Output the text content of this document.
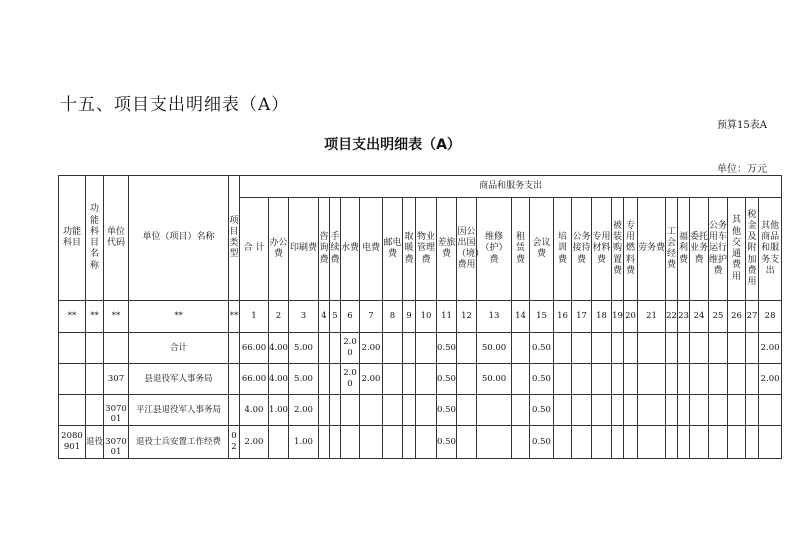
十五、项目支出明细表（A）
预算15表A
项目支出明细表（A）
单位：万元
功能科目	功能科目名称	单位代码	单位（项目）名称	项目类型	商品和服务支出																											
					合 计	办公费	印刷费	咨询费	手续费	水费	电费	邮电费	取暖费	物业管理费	差旅费	因公出国（境）费用	维修（护）费	租赁费	会议费	培训费	公务接待费	专用材料费	被装购置费	专用燃料费	劳务费	工会经费	福利费	委托业务费	公务用车运行维护费	其他交通费用	税金及附加费用	其他商品和服务支出
**	**	**	**	**	1	2	3	4	5	6	7	8	9	10	11	12	13	14	15	16	17	18	19	20	21	22	23	24	25	26	27	28
			合计		66.00	4.00	5.00			2.00	2.00				0.50		50.00		0.50													2.00
		307	县退役军人事务局		66.00	4.00	5.00			2.00	2.00				0.50		50.00		0.50													2.00
		307001	平江县退役军人事务局		4.00	1.00	2.00								0.50				0.50													
2080901	退役	307001	退役士兵安置工作经费	02	2.00		1.00								0.50				0.50													
